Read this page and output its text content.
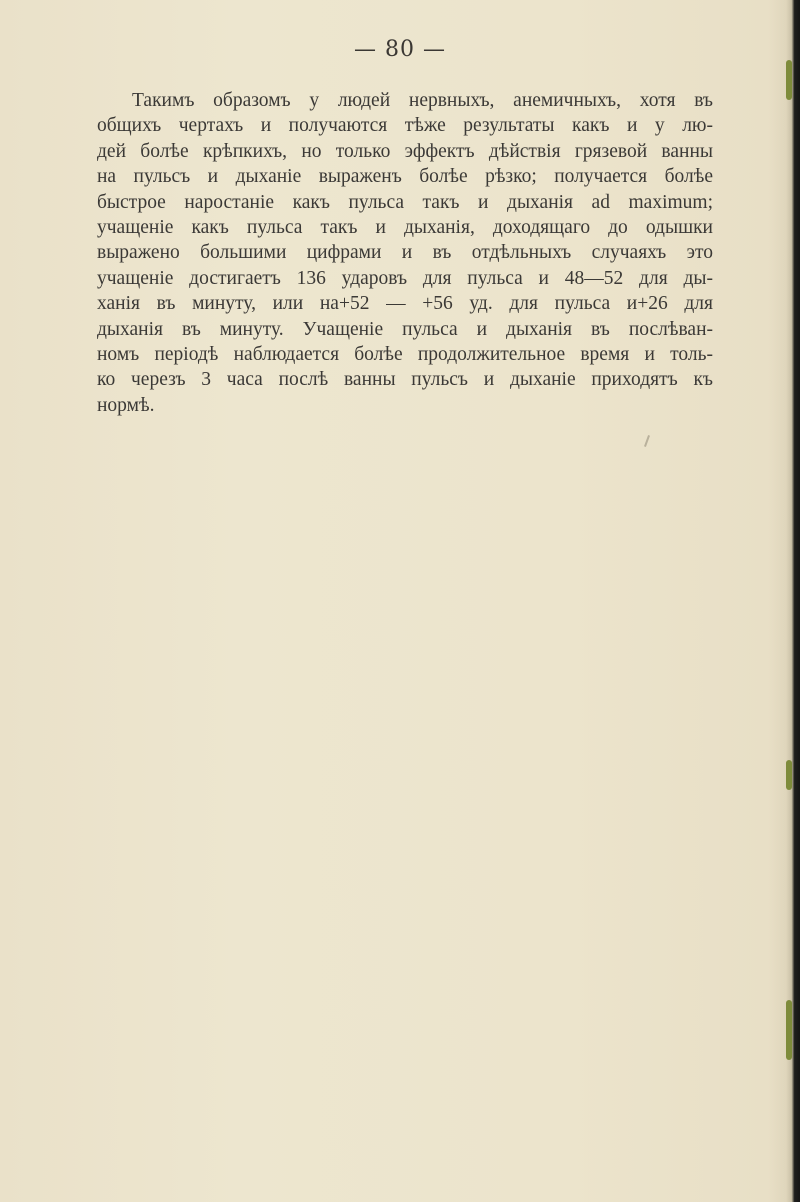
— 80 —
Такимъ образомъ у людей нервныхъ, анемичныхъ, хотя въ
общихъ чертахъ и получаются тѣже результаты какъ и у лю-
дей болѣе крѣпкихъ, но только эффектъ дѣйствія грязевой ванны
на пульсъ и дыханіе выраженъ болѣе рѣзко; получается болѣе
быстрое наростаніе какъ пульса такъ и дыханія ad maximum;
учащеніе какъ пульса такъ и дыханія, доходящаго до одышки
выражено большими цифрами и въ отдѣльныхъ случаяхъ это
учащеніе достигаетъ 136 ударовъ для пульса и 48—52 для ды-
ханія въ минуту, или на+52 — +56 уд. для пульса и+26 для
дыханія въ минуту. Учащеніе пульса и дыханія въ послѣван-
номъ періодѣ наблюдается болѣе продолжительное время и толь-
ко черезъ 3 часа послѣ ванны пульсъ и дыханіе приходятъ къ
нормѣ.
